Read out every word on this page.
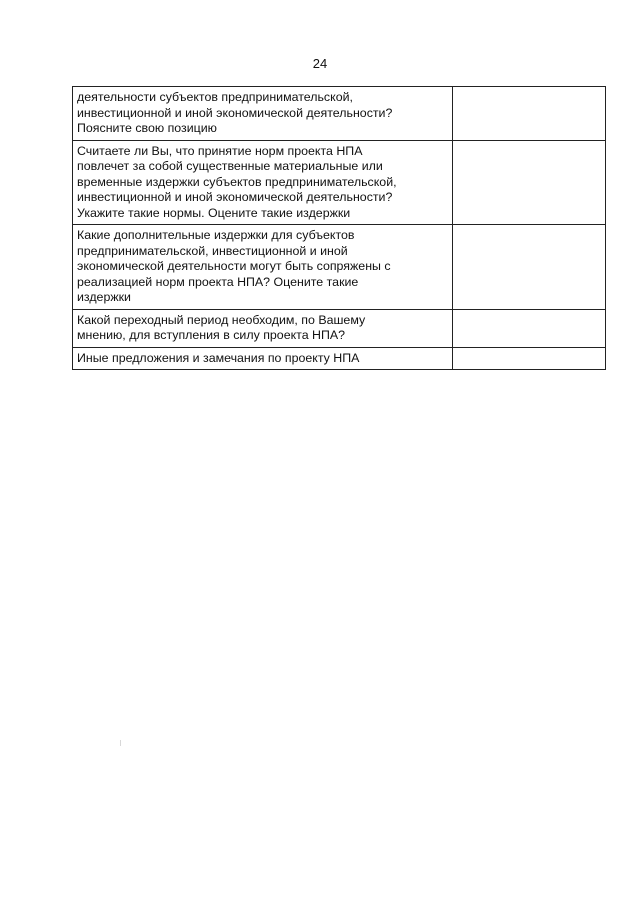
24
деятельности субъектов предпринимательской,
инвестиционной и иной экономической деятельности?
Поясните свою позицию	

Считаете ли Вы, что принятие норм проекта НПА
повлечет за собой существенные материальные или
временные издержки субъектов предпринимательской,
инвестиционной и иной экономической деятельности?
Укажите такие нормы. Оцените такие издержки	

Какие дополнительные издержки для субъектов
предпринимательской, инвестиционной и иной
экономической деятельности могут быть сопряжены с
реализацией норм проекта НПА? Оцените такие
издержки	

Какой переходный период необходим, по Вашему
мнению, для вступления в силу проекта НПА?	

Иные предложения и замечания по проекту НПА	
